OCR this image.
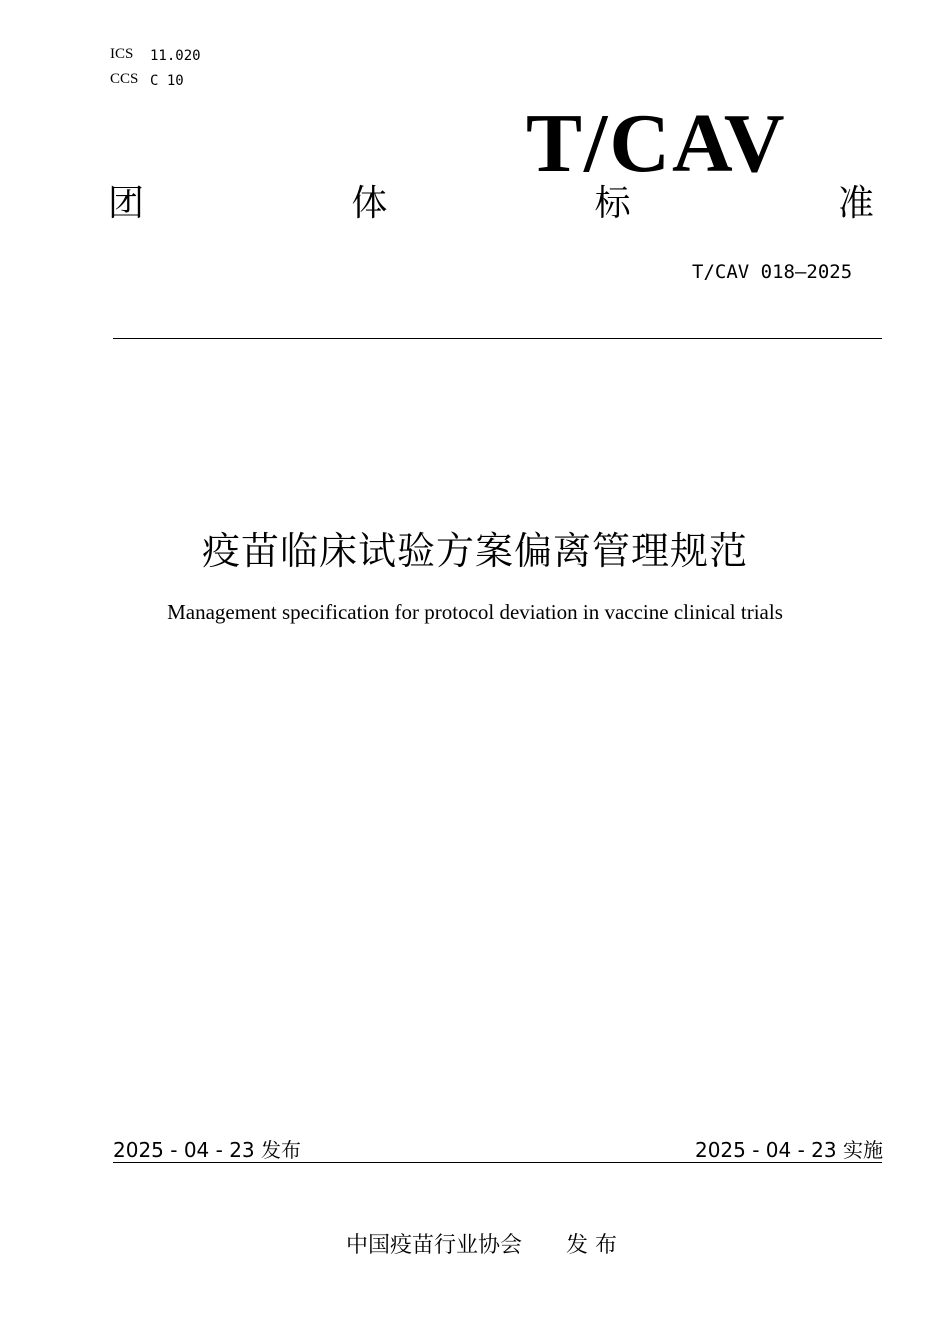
ICS 11.020
CCS C 10
T/CAV
团	体	标	准
T/CAV 018—2025
疫苗临床试验方案偏离管理规范
Management specification for protocol deviation in vaccine clinical trials
2025 - 04 - 23 发布	2025 - 04 - 23 实施
中国疫苗行业协会　　发 布
